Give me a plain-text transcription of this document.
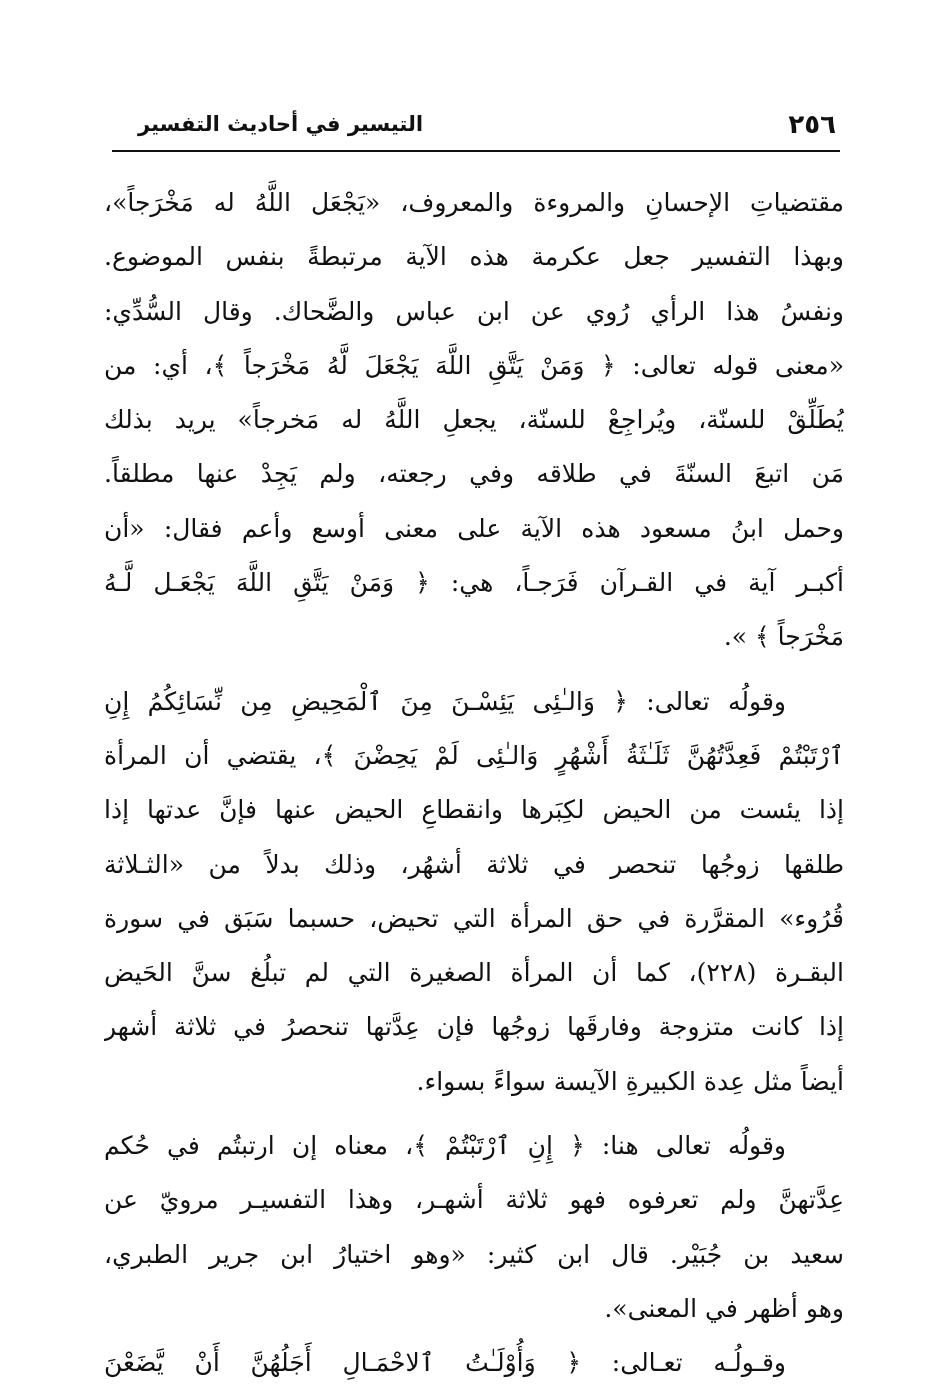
٢٥٦
التيسير في أحاديث التفسير
مقتضياتِ الإحسانِ والمروءة والمعروف، «يَجْعَل اللَّهُ له مَخْرَجاً»،
وبهذا التفسير جعل عكرمة هذه الآية مرتبطةً بنفس الموضوع.
ونفسُ هذا الرأي رُوي عن ابن عباس والضَّحاك. وقال السُّدِّي:
«معنى قوله تعالى: ﴿ وَمَنْ يَتَّقِ اللَّهَ يَجْعَلَ لَّهُ مَخْرَجاً ﴾، أي: من
يُطَلِّقْ للسنّة، ويُراجِعْ للسنّة، يجعلِ اللَّهُ له مَخرجاً» يريد بذلك
مَن اتبعَ السنّةَ في طلاقه وفي رجعته، ولم يَجِدْ عنها مطلقاً.
وحمل ابنُ مسعود هذه الآية على معنى أوسع وأعم فقال: «أن
أكبـر آية في القـرآن فَرَجـاً، هي: ﴿ وَمَنْ يَتَّقِ اللَّهَ يَجْعَـل لَّـهُ
مَخْرَجاً ﴾ ».
وقولُه تعالى: ﴿ وَالـٰئِى يَئِسْـنَ مِنَ ٱلْمَحِيضِ مِن نِّسَائِكُمُ إِنِ
ٱرْتَبْتُمْ فَعِدَّتُهُنَّ ثَلَـٰثَةُ أَشْهُرٍ وَالـٰئِى لَمْ يَحِضْنَ ﴾، يقتضي أن المرأة
إذا يئست من الحيض لكِبَرها وانقطاعِ الحيض عنها فإنَّ عدتها إذا
طلقها زوجُها تنحصر في ثلاثة أشهُر، وذلك بدلاً من «الثـلاثة
قُرُوء» المقرَّرة في حق المرأة التي تحيض، حسبما سَبَق في سورة
البقـرة (٢٢٨)، كما أن المرأة الصغيرة التي لم تبلُغ سنَّ الحَيض
إذا كانت متزوجة وفارقَها زوجُها فإن عِدَّتها تنحصرُ في ثلاثة أشهر
أيضاً مثل عِدة الكبيرةِ الآيسة سواءً بسواء.
وقولُه تعالى هنا: ﴿ إِنِ ٱرْتَبْتُمْ ﴾، معناه إن ارتبتُم في حُكم
عِدَّتهنَّ ولم تعرفوه فهو ثلاثة أشهـر، وهذا التفسيـر مرويّ عن
سعيد بن جُبَيْر. قال ابن كثير: «وهو اختيارُ ابن جرير الطبري،
وهو أظهر في المعنى».
وقـولُـه تعـالى: ﴿ وَأُوْلَـٰتُ ٱلاحْمَـالِ أَجَلُهُنَّ أَنْ يَّضَعْنَ
